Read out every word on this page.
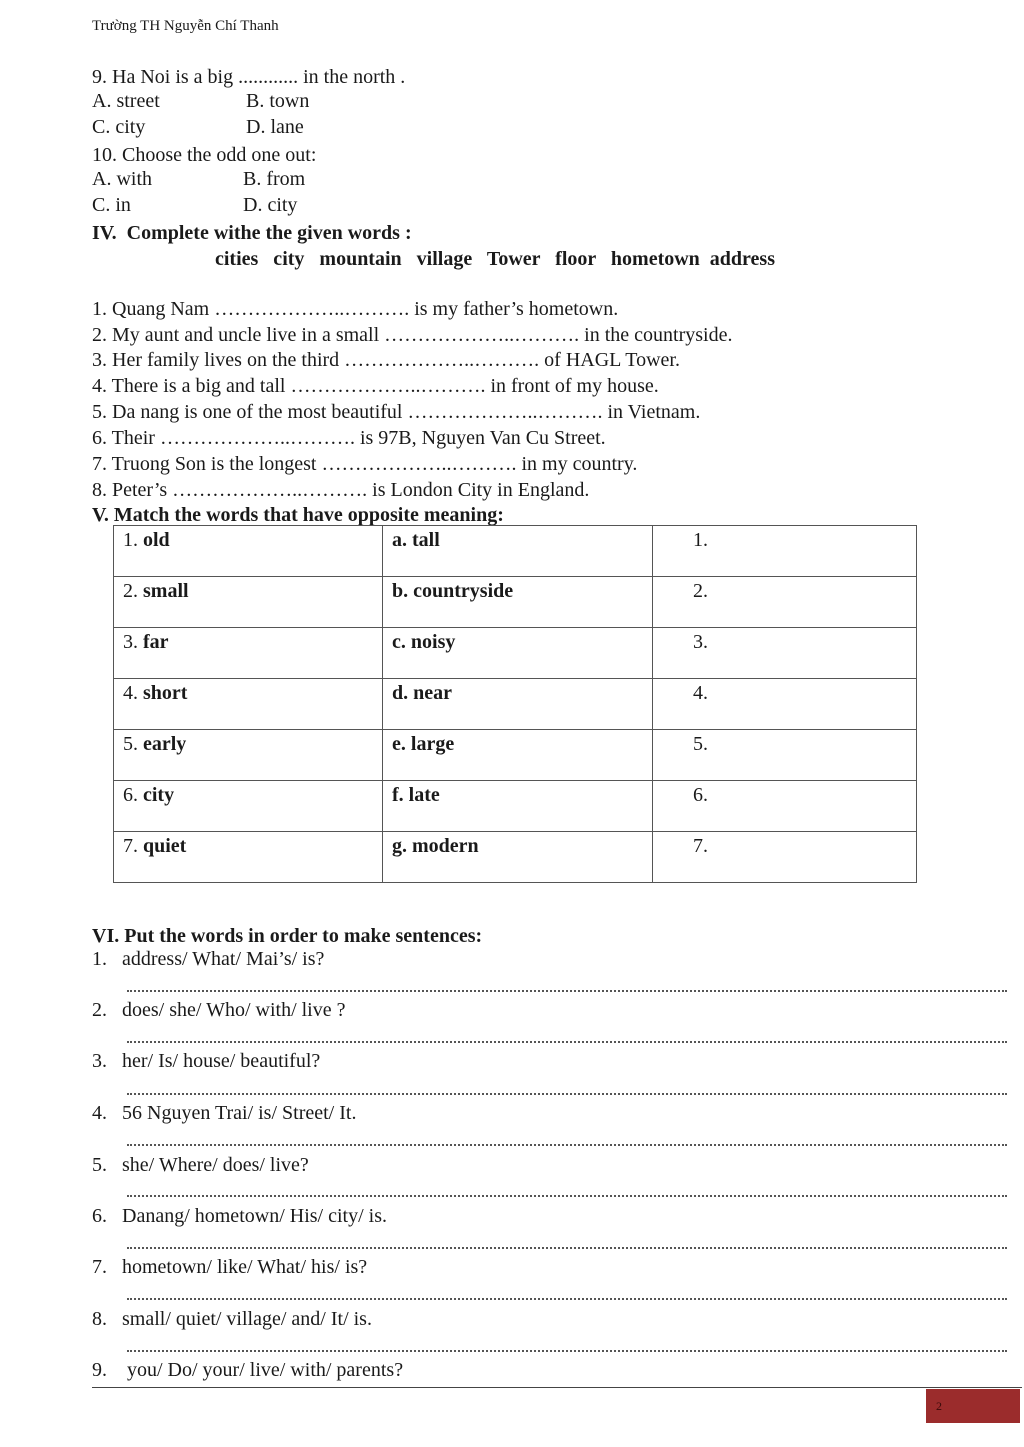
Trường TH Nguyễn Chí Thanh
9. Ha Noi is a big ............ in the north .
A. street	B. town
C. city	D. lane
10. Choose the odd one out:
A. with	B. from
C. in	D. city
IV.  Complete withe the given words :
cities   city   mountain   village   Tower   floor   hometown  address
1. Quang Nam ………………..………. is my father’s hometown.
2. My aunt and uncle live in a small ………………..………. in the countryside.
3. Her family lives on the third ………………..………. of HAGL Tower.
4. There is a big and tall ………………..………. in front of my house.
5. Da nang is one of the most beautiful ………………..………. in Vietnam.
6. Their ………………..………. is 97B, Nguyen Van Cu Street.
7. Truong Son is the longest ………………..………. in my country.
8. Peter’s ………………..………. is London City in England.
V. Match the words that have opposite meaning:
1. old	a. tall	1.
2. small	b. countryside	2.
3. far	c. noisy	3.
4. short	d. near	4.
5. early	e. large	5.
6. city	f. late	6.
7. quiet	g. modern	7.
VI. Put the words in order to make sentences:
1. address/ What/ Mai’s/ is?
2. does/ she/ Who/ with/ live ?
3. her/ Is/ house/ beautiful?
4. 56 Nguyen Trai/ is/ Street/ It.
5. she/ Where/ does/ live?
6. Danang/ hometown/ His/ city/ is.
7. hometown/ like/ What/ his/ is?
8. small/ quiet/ village/ and/ It/ is.
9. you/ Do/ your/ live/ with/ parents?
2
